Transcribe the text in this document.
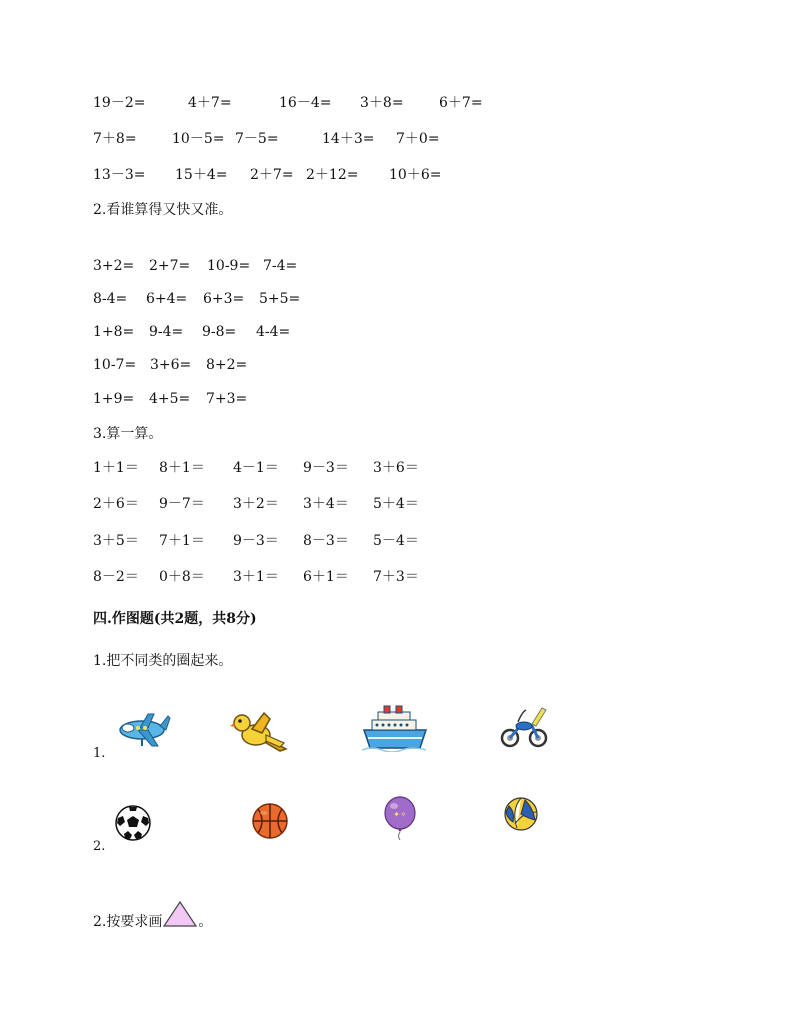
19－2=	4＋7=	16－4= 3＋8=	6＋7=
7＋8=	10－5= 7－5=	14＋3= 7＋0=
13－3= 15＋4= 2＋7= 2＋12= 10＋6=
2.看谁算得又快又准。
3+2= 2+7= 10-9= 7-4=
8-4= 6+4= 6+3= 5+5=
1+8= 9-4= 9-8= 4-4=
10-7= 3+6= 8+2=
1+9= 4+5= 7+3=
3.算一算。
1＋1＝ 8＋1＝ 4－1＝ 9－3＝ 3＋6＝
2＋6＝ 9－7＝ 3＋2＝ 3＋4＝ 5＋4＝
3＋5＝ 7＋1＝ 9－3＝ 8－3＝ 5－4＝
8－2＝ 0＋8＝ 3＋1＝ 6＋1＝ 7＋3＝
四.作图题(共2题，共8分)
1.把不同类的圈起来。
1.
2.
✦✧
2.按要求画	。
